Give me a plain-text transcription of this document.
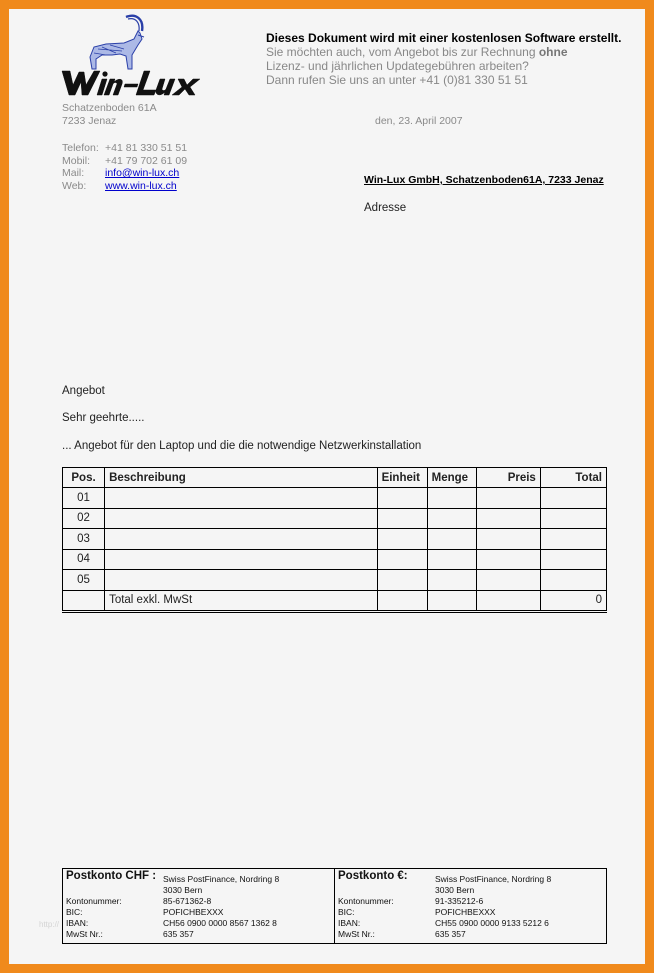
Dieses Dokument wird mit einer kostenlosen Software erstellt.
Sie möchten auch, vom Angebot bis zur Rechnung ohne
Lizenz- und jährlichen Updategebühren arbeiten?
Dann rufen Sie uns an unter +41 (0)81 330 51 51
Schatzenboden 61A
7233 Jenaz	den, 23. April 2007
Telefon: +41 81 330 51 51
Mobil:	+41 79 702 61 09
Mail:	info@win-lux.ch
Web:	www.win-lux.ch	Win-Lux GmbH, Schatzenboden61A, 7233 Jenaz
Adresse
Angebot
Sehr geehrte.....
... Angebot für den Laptop und die die notwendige Netzwerkinstallation
Pos.	Beschreibung	Einheit	Menge	Preis	Total
01					
02					
03					
04					
05					
	Total exkl. MwSt				0
Postkonto CHF : Swiss PostFinance, Nordring 8
3030 Bern
Kontonummer:	85-671362-8
BIC:	POFICHBEXXX
IBAN:	CH56 0900 0000 8567 1362 8
MwSt Nr.:	635 357
Postkonto €:	Swiss PostFinance, Nordring 8
3030 Bern
Kontonummer:	91-335212-6
BIC:	POFICHBEXXX
IBAN:	CH55 0900 0000 9133 5212 6
MwSt Nr.:	635 357
http://
